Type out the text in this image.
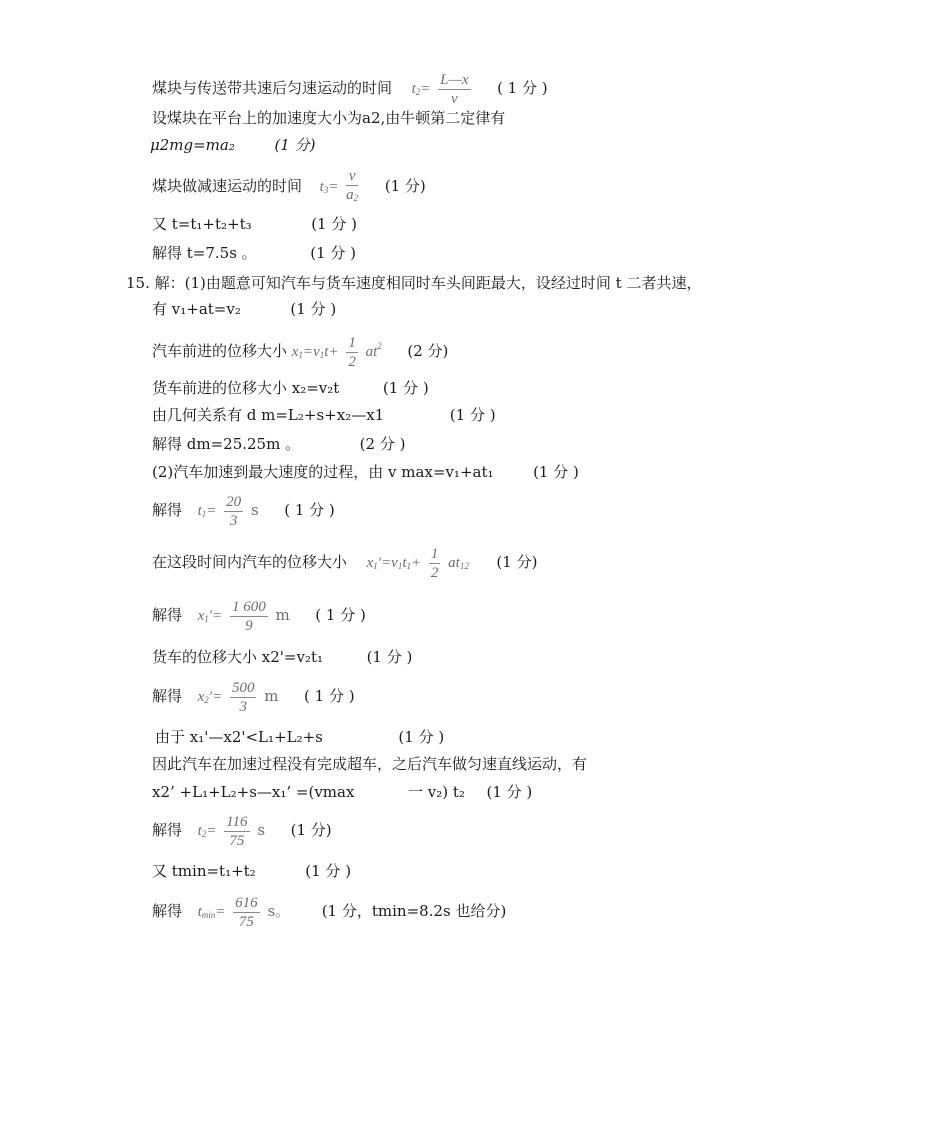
煤块与传送带共速后匀速运动的时间 $t_2= \frac{L—x}{v}$ ( 1 分 )
设煤块在平台上的加速度大小为a2,由牛顿第二定律有
μ2mg=ma₂	(1 分)
煤块做减速运动的时间 $t_3= \frac{v}{a_2} (1$ 分)
又 t=t₁+t₂+t₃	(1 分 )
解得 t=7.5s 。	(1 分 )
15. 解：(1)由题意可知汽车与货车速度相同时车头间距最大，设经过时间 t 二者共速，
有 v₁+at=v₂	(1 分 )
汽车前进的位移大小 $x_1=v_1t+ \frac{1}{2} at^2$ (2 分)
货车前进的位移大小 x₂=v₂t	(1 分 )
由几何关系有 d m=L₂+s+x₂—x1	(1 分 )
解得 dm=25.25m 。	(2 分 )
(2)汽车加速到最大速度的过程，由 v max=v₁+at₁	(1 分 )
解得 $t_1= \frac{20}{3}$ s ( 1 分 )
在这段时间内汽车的位移大小 $x_1'=v_1t_1+ \frac{1}{2} at_{12}$ (1 分)
解得 $x_1'= \frac{1 600}{9}$ m ( 1 分 )
货车的位移大小 x2'=v₂t₁	(1 分 )
解得 $x_2'= \frac{500}{3}$ m ( 1 分 )
由于 x₁'—x2'<L₁+L₂+s	(1 分 )
因此汽车在加速过程没有完成超车，之后汽车做匀速直线运动，有
x2’ +L₁+L₂+s—x₁’ =(vmax	一 v₂) t₂ (1 分 )
解得 $t_2= \frac{116}{75}$ s (1 分)
又 tmin=t₁+t₂	(1 分 )
解得 $t_{min}= \frac{616}{75}$ s。 (1 分，tmin=8.2s 也给分)
